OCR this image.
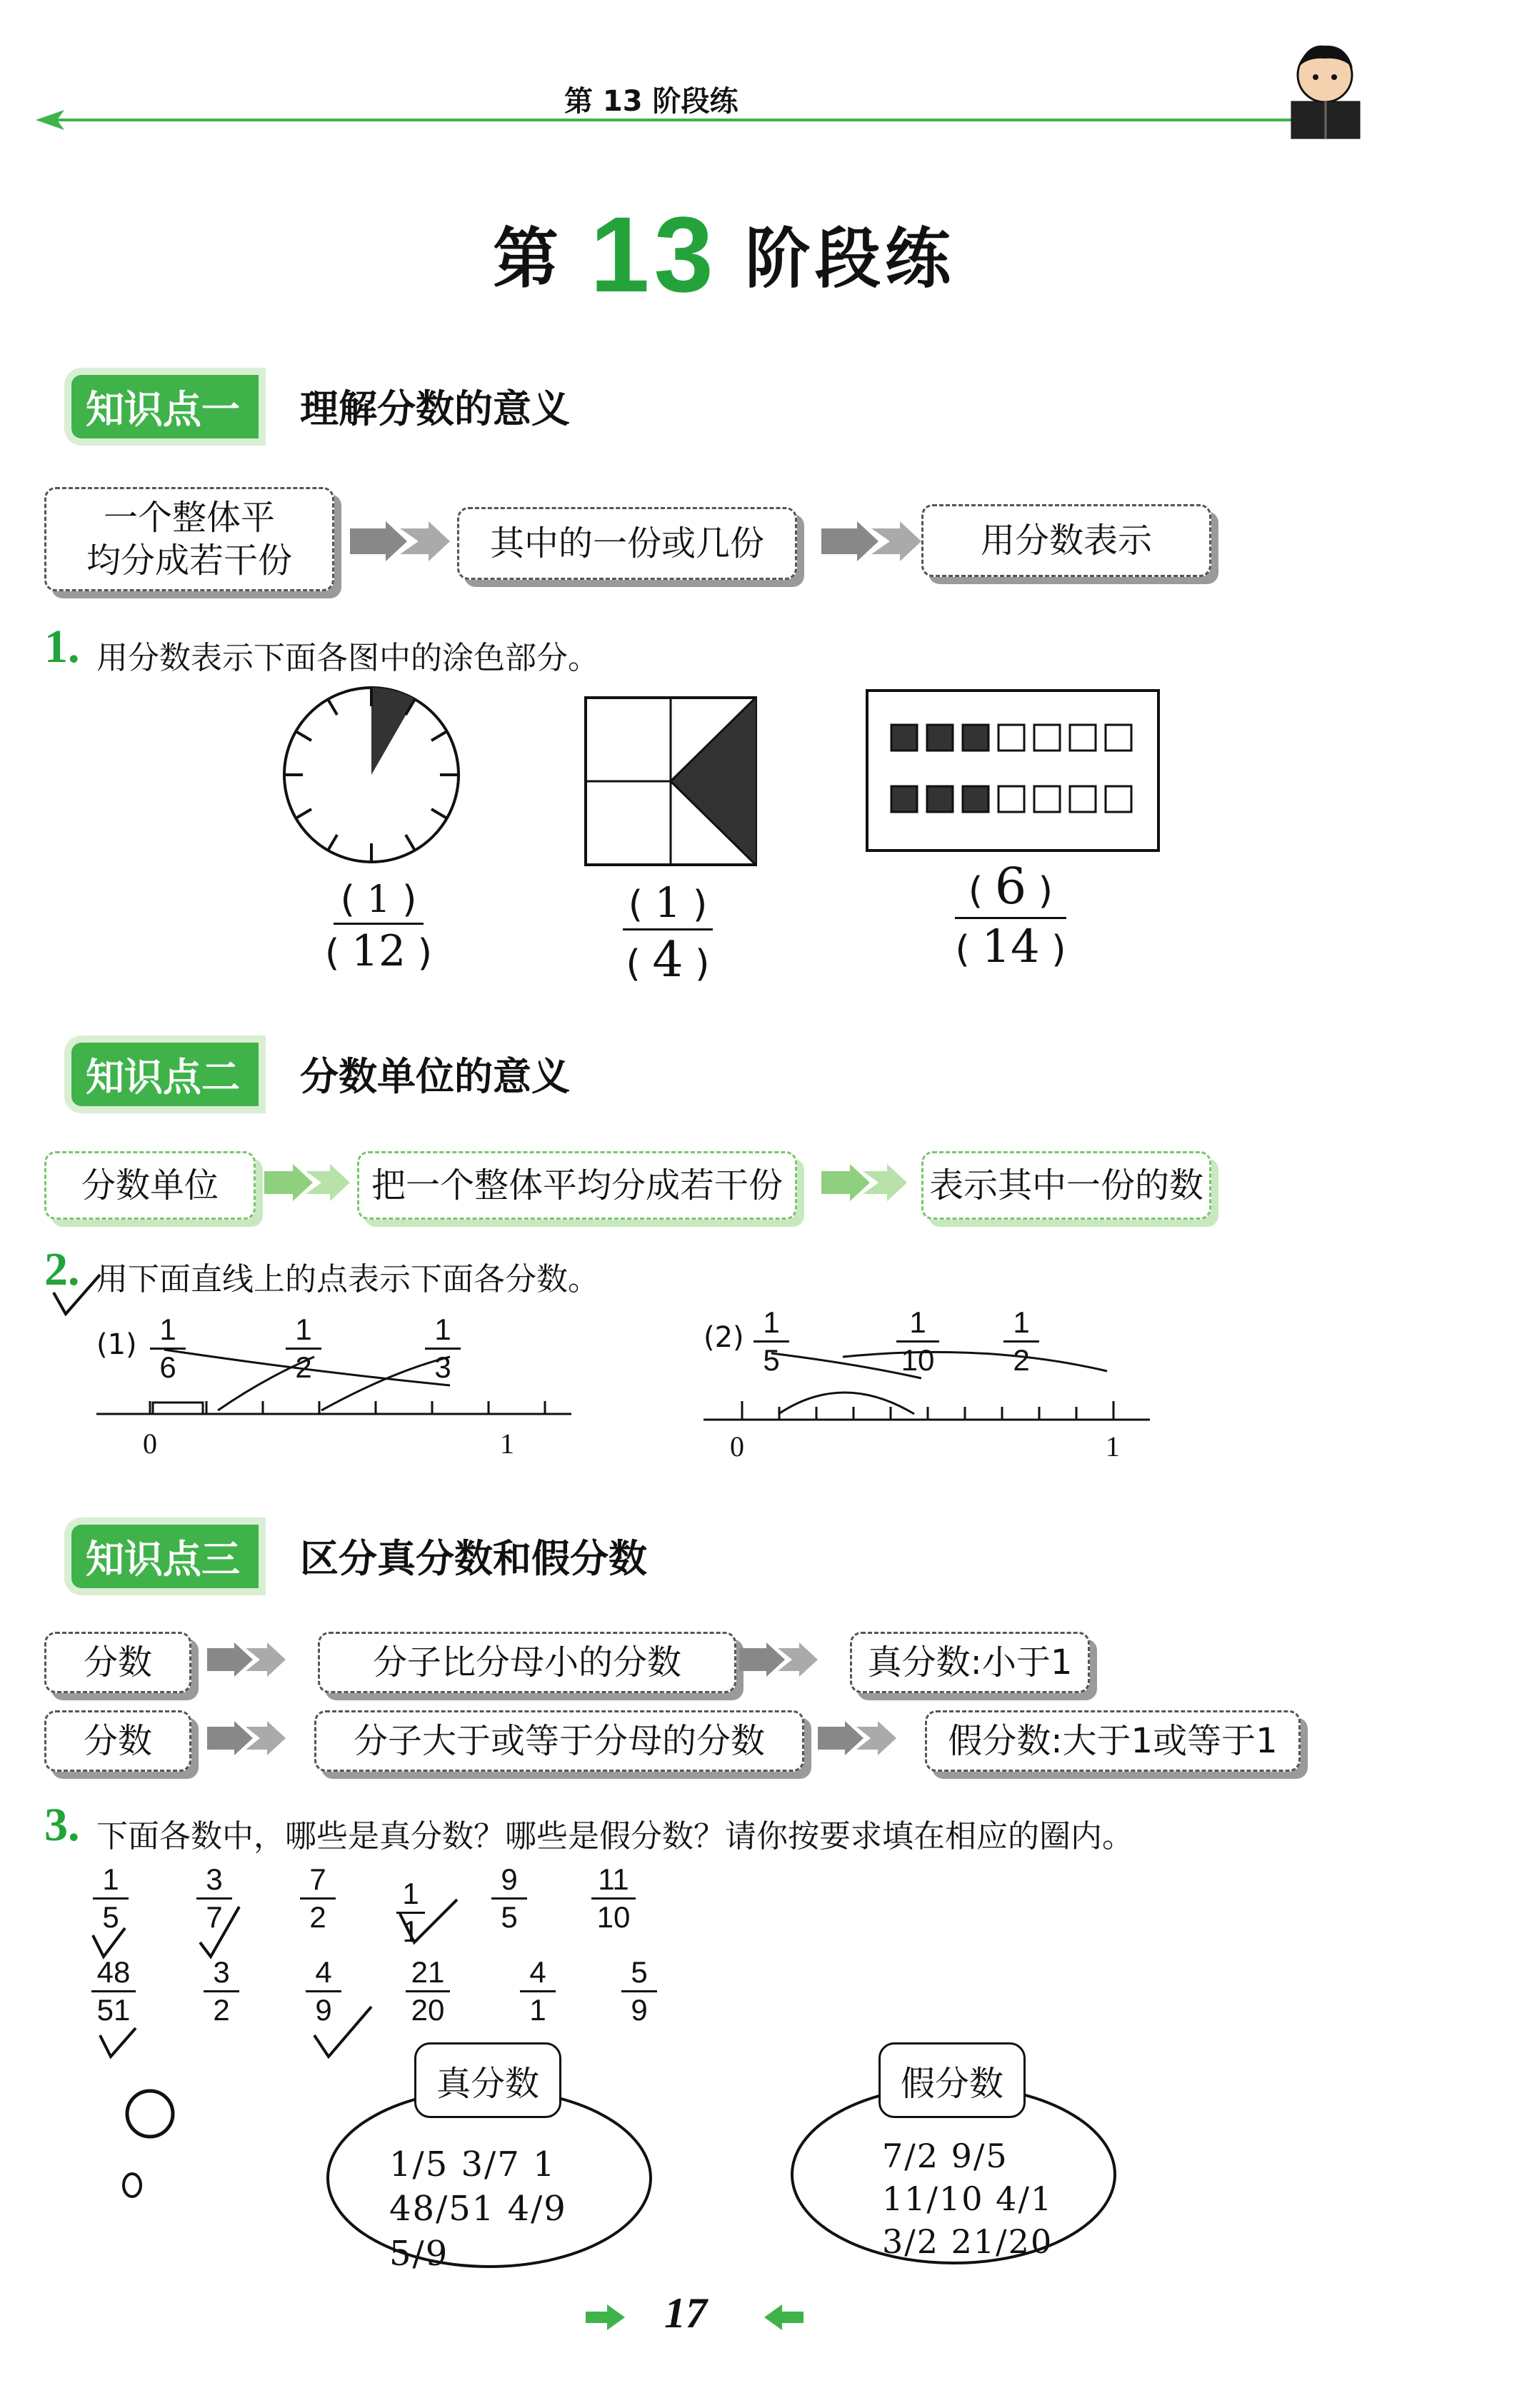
第 13 阶段练
第 13 阶段练
知识点一	理解分数的意义
一个整体平
均分成若干份	其中的一份或几份	用分数表示
1. 用分数表示下面各图中的涂色部分。
( 1 )
( 12 )
( 1 )
( 4 )
( 6 )
( 14 )
知识点二	分数单位的意义
分数单位	把一个整体平均分成若干份	表示其中一份的数
2. 用下面直线上的点表示下面各分数。
(1) 1
6
1
2
1
3
0	1
(2) 1
5
1
10
1
2
0	1
知识点三	区分真分数和假分数
分数	分子比分母小的分数	真分数:小于1
分数	分子大于或等于分母的分数	假分数:大于1或等于1
3. 下面各数中，哪些是真分数？哪些是假分数？请你按要求填在相应的圈内。
1
5
3
7
7
2
1
1
9
5
11
10
48
51
3
2
4
9
21
20
4
1
5
9
真分数
1/5 3/7 1 48/51 4/9 5/9
假分数
7/2 9/5 11/10 4/1 3/2 21/20
17
